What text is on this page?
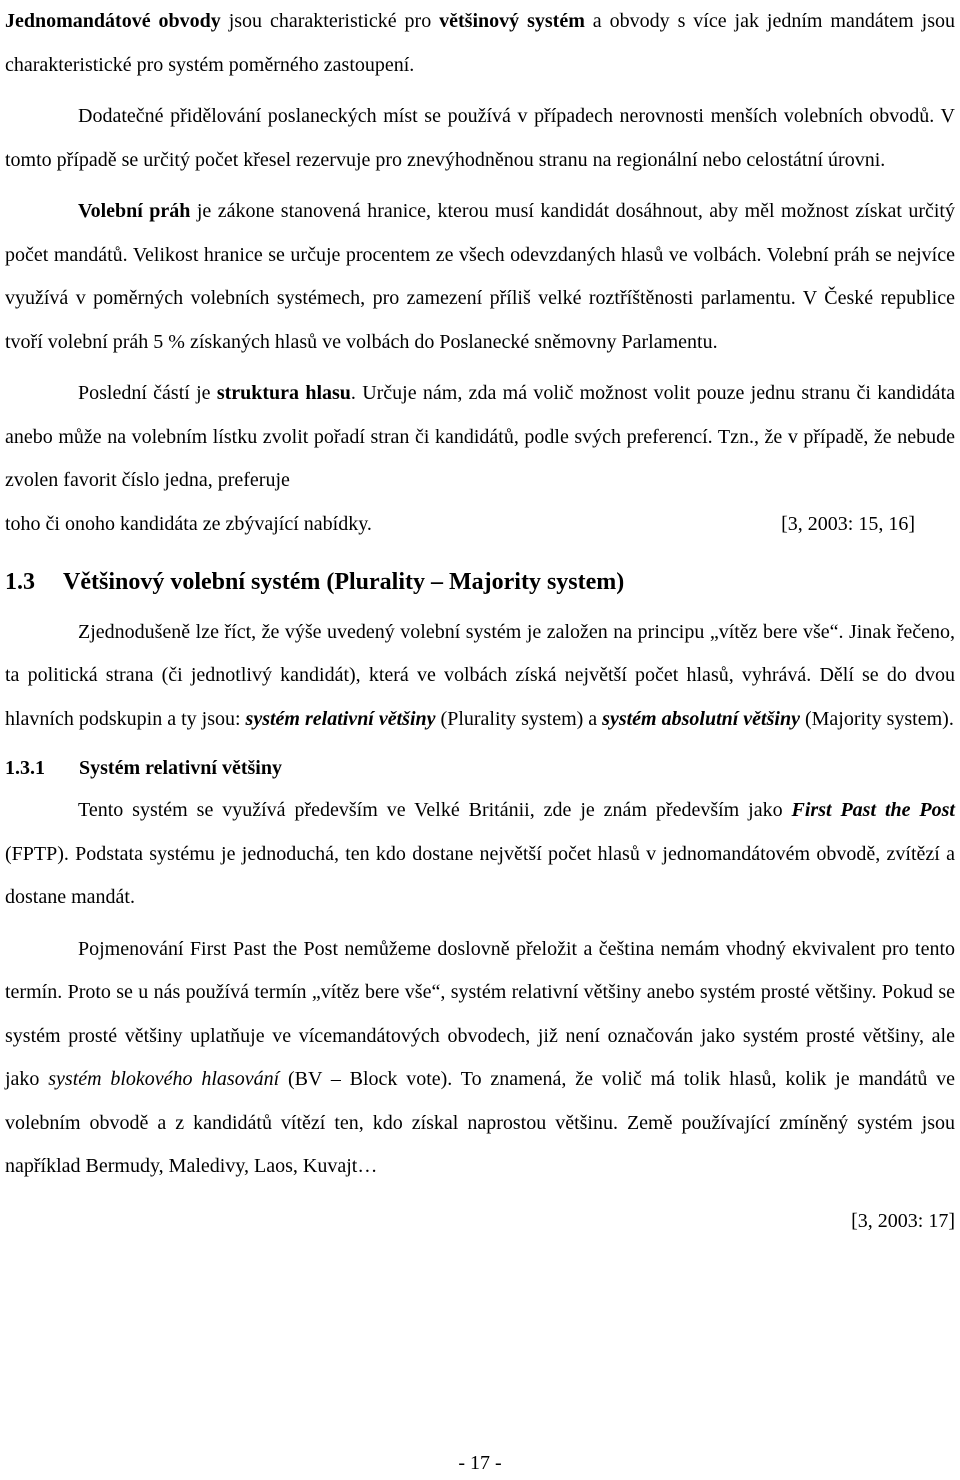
Jednomandátové obvody jsou charakteristické pro většinový systém a obvody s více jak jedním mandátem jsou charakteristické pro systém poměrného zastoupení.

Dodatečné přidělování poslaneckých míst se používá v případech nerovnosti menších volebních obvodů. V tomto případě se určitý počet křesel rezervuje pro znevýhodněnou stranu na regionální nebo celostátní úrovni.

Volební práh je zákone stanovená hranice, kterou musí kandidát dosáhnout, aby měl možnost získat určitý počet mandátů. Velikost hranice se určuje procentem ze všech odevzdaných hlasů ve volbách. Volební práh se nejvíce využívá v poměrných volebních systémech, pro zamezení příliš velké roztříštěnosti parlamentu. V České republice tvoří volební práh 5 % získaných hlasů ve volbách do Poslanecké sněmovny Parlamentu.

Poslední částí je struktura hlasu. Určuje nám, zda má volič možnost volit pouze jednu stranu či kandidáta anebo může na volebním lístku zvolit pořadí stran či kandidátů, podle svých preferencí. Tzn., že v případě, že nebude zvolen favorit číslo jedna, preferuje

toho či onoho kandidáta ze zbývající nabídky.	[3, 2003: 15, 16]
1.3 Většinový volební systém (Plurality – Majority system)

Zjednodušeně lze říct, že výše uvedený volební systém je založen na principu „vítěz bere vše“. Jinak řečeno, ta politická strana (či jednotlivý kandidát), která ve volbách získá největší počet hlasů, vyhrává. Dělí se do dvou hlavních podskupin a ty jsou: systém relativní většiny (Plurality system) a systém absolutní většiny (Majority system).

1.3.1 Systém relativní většiny

Tento systém se využívá především ve Velké Británii, zde je znám především jako First Past the Post (FPTP). Podstata systému je jednoduchá, ten kdo dostane největší počet hlasů v jednomandátovém obvodě, zvítězí a dostane mandát.

Pojmenování First Past the Post nemůžeme doslovně přeložit a čeština nemám vhodný ekvivalent pro tento termín. Proto se u nás používá termín „vítěz bere vše“, systém relativní většiny anebo systém prosté většiny. Pokud se systém prosté většiny uplatňuje ve vícemandátových obvodech, již není označován jako systém prosté většiny, ale jako systém blokového hlasování (BV – Block vote). To znamená, že volič má tolik hlasů, kolik je mandátů ve volebním obvodě a z kandidátů vítězí ten, kdo získal naprostou většinu. Země používající zmíněný systém jsou například Bermudy, Maledivy, Laos, Kuvajt…

[3, 2003: 17]
- 17 -
